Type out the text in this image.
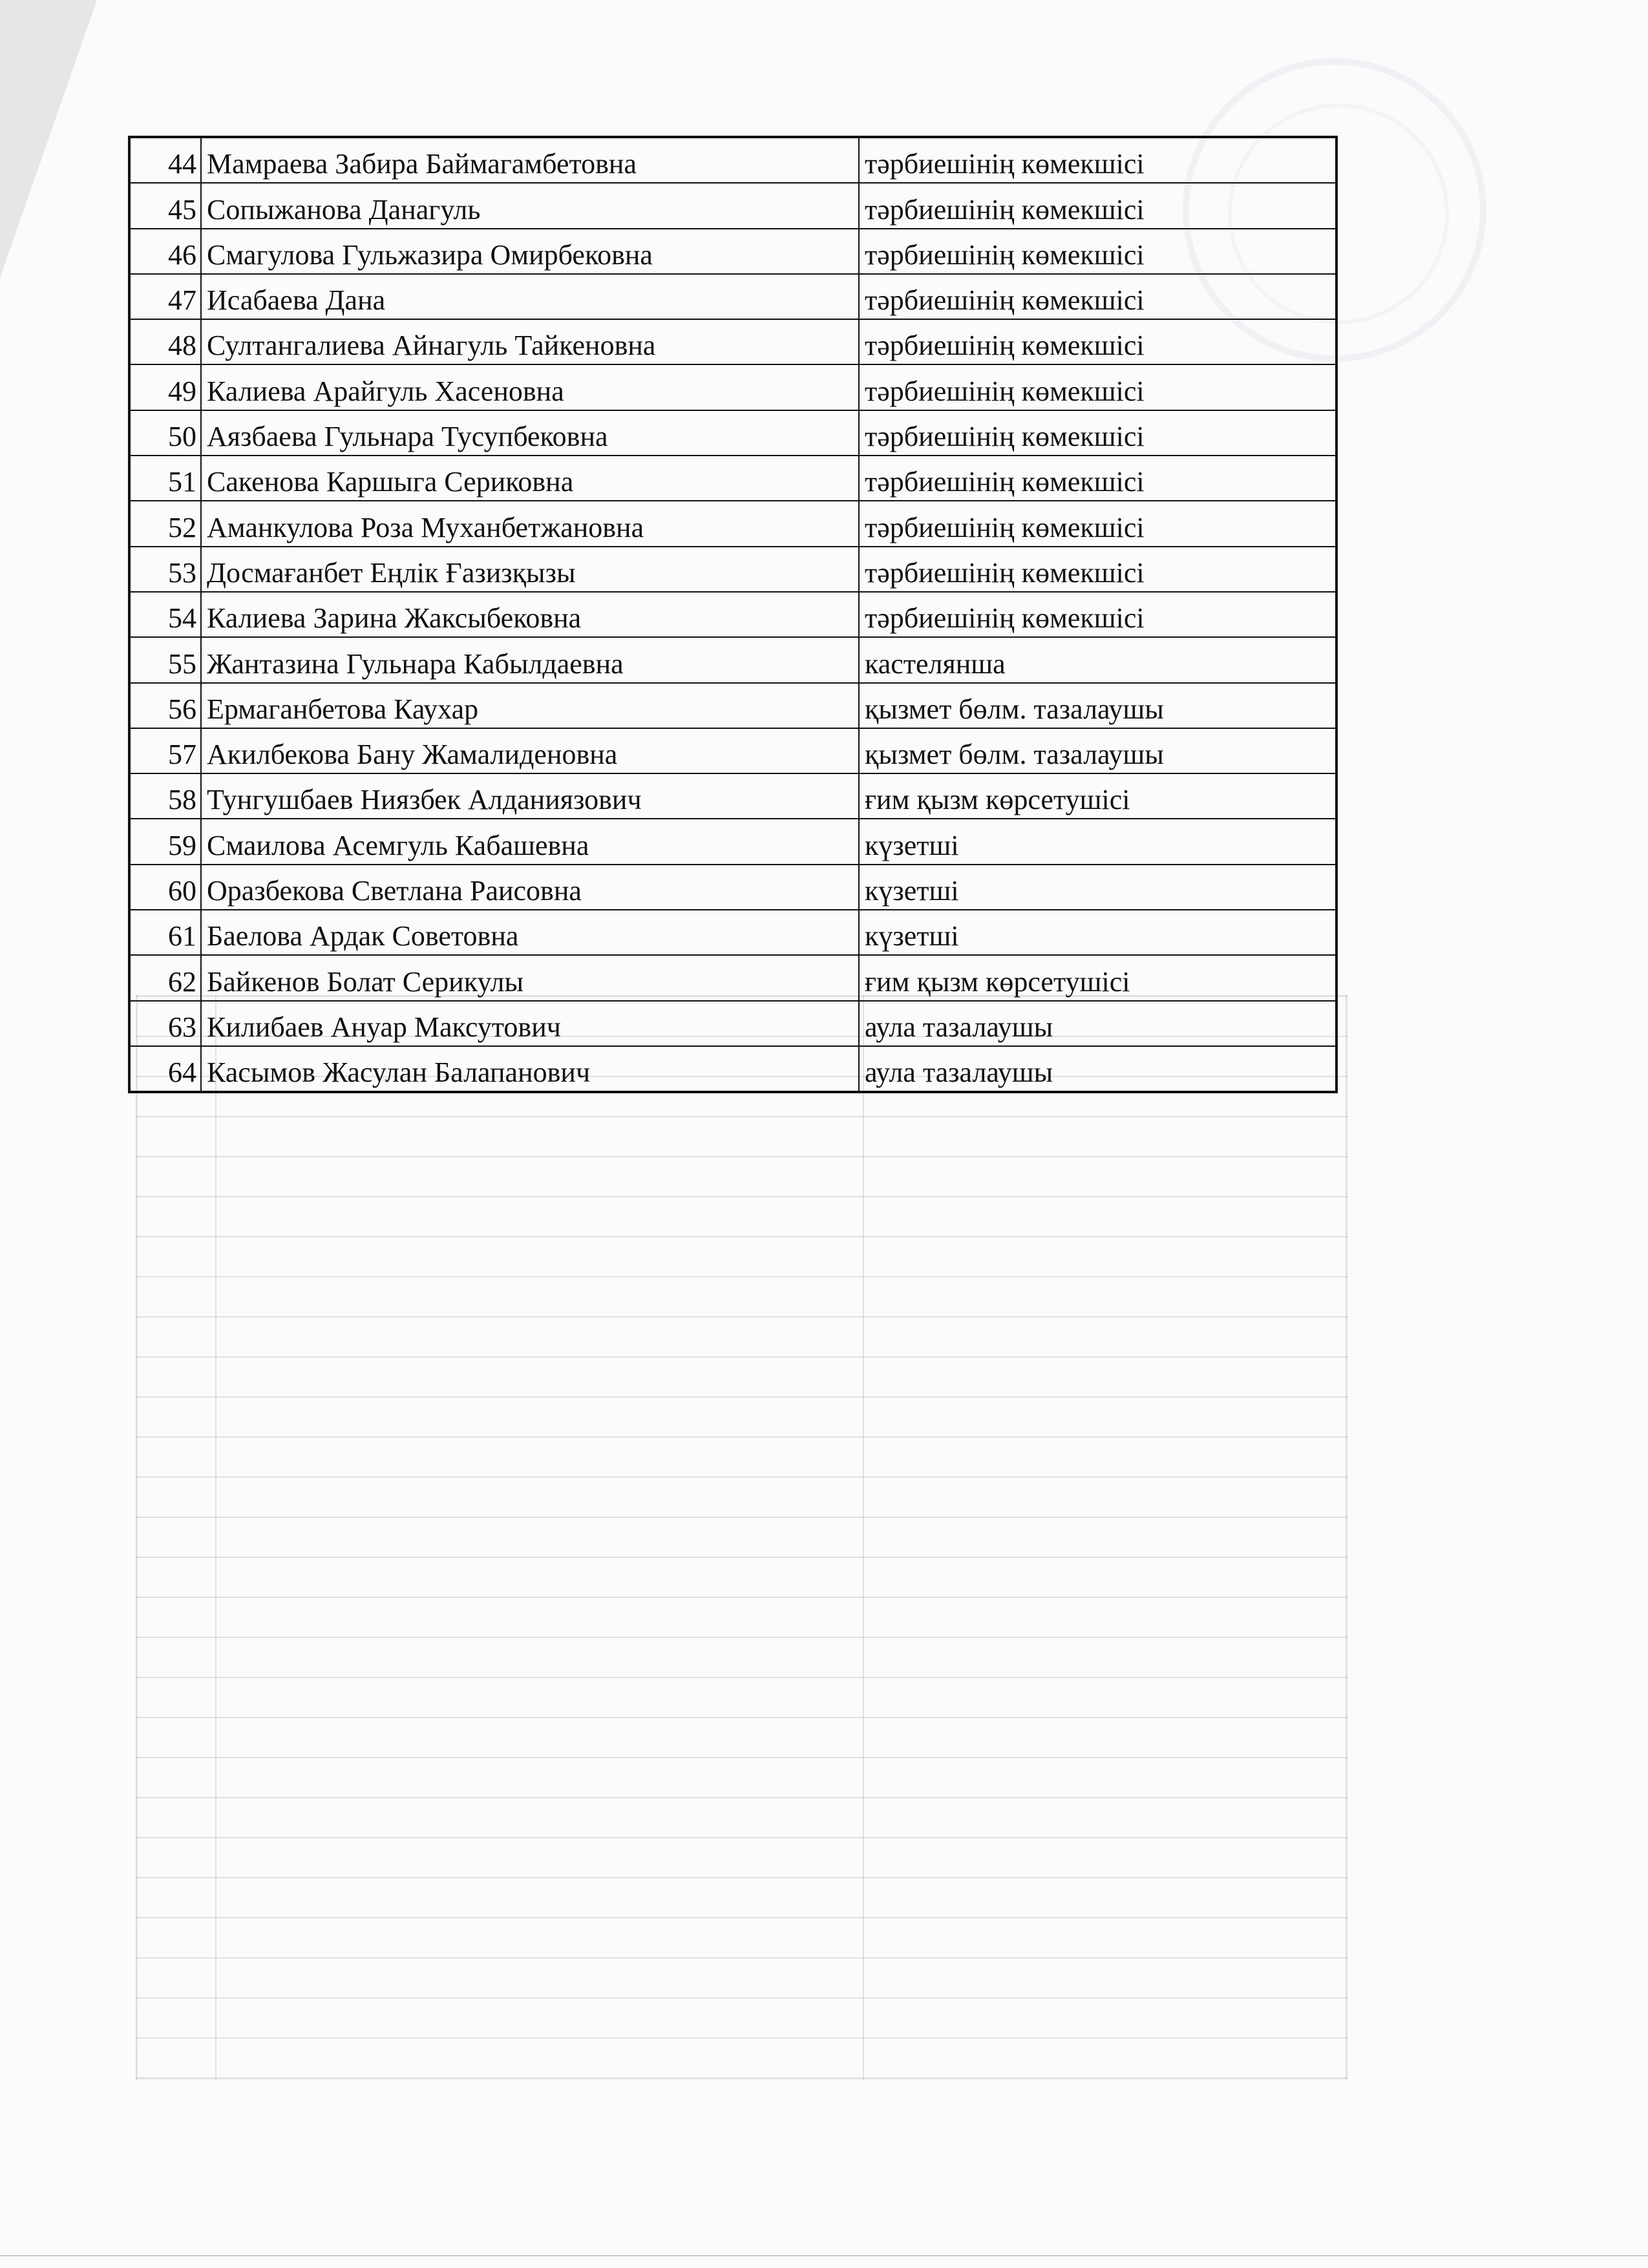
44	Мамраева Забира Баймагамбетовна	тәрбиешінің көмекшісі
45	Сопыжанова Данагуль	тәрбиешінің көмекшісі
46	Смагулова Гульжазира Омирбековна	тәрбиешінің көмекшісі
47	Исабаева Дана	тәрбиешінің көмекшісі
48	Султангалиева Айнагуль Тайкеновна	тәрбиешінің көмекшісі
49	Калиева Арайгуль Хасеновна	тәрбиешінің көмекшісі
50	Аязбаева Гульнара Тусупбековна	тәрбиешінің көмекшісі
51	Сакенова Каршыга Сериковна	тәрбиешінің көмекшісі
52	Аманкулова Роза Муханбетжановна	тәрбиешінің көмекшісі
53	Досмағанбет Еңлік Ғазизқызы	тәрбиешінің көмекшісі
54	Калиева Зарина Жаксыбековна	тәрбиешінің көмекшісі
55	Жантазина Гульнара Кабылдаевна	кастелянша
56	Ермаганбетова Каухар	қызмет бөлм. тазалаушы
57	Акилбекова Бану Жамалиденовна	қызмет бөлм. тазалаушы
58	Тунгушбаев Ниязбек Алданиязович	ғим қызм көрсетушісі
59	Смаилова Асемгуль Кабашевна	күзетші
60	Оразбекова Светлана Раисовна	күзетші
61	Баелова Ардак Советовна	күзетші
62	Байкенов Болат Серикулы	ғим қызм көрсетушісі
63	Килибаев Ануар Максутович	аула тазалаушы
64	Касымов Жасулан Балапанович	аула тазалаушы
